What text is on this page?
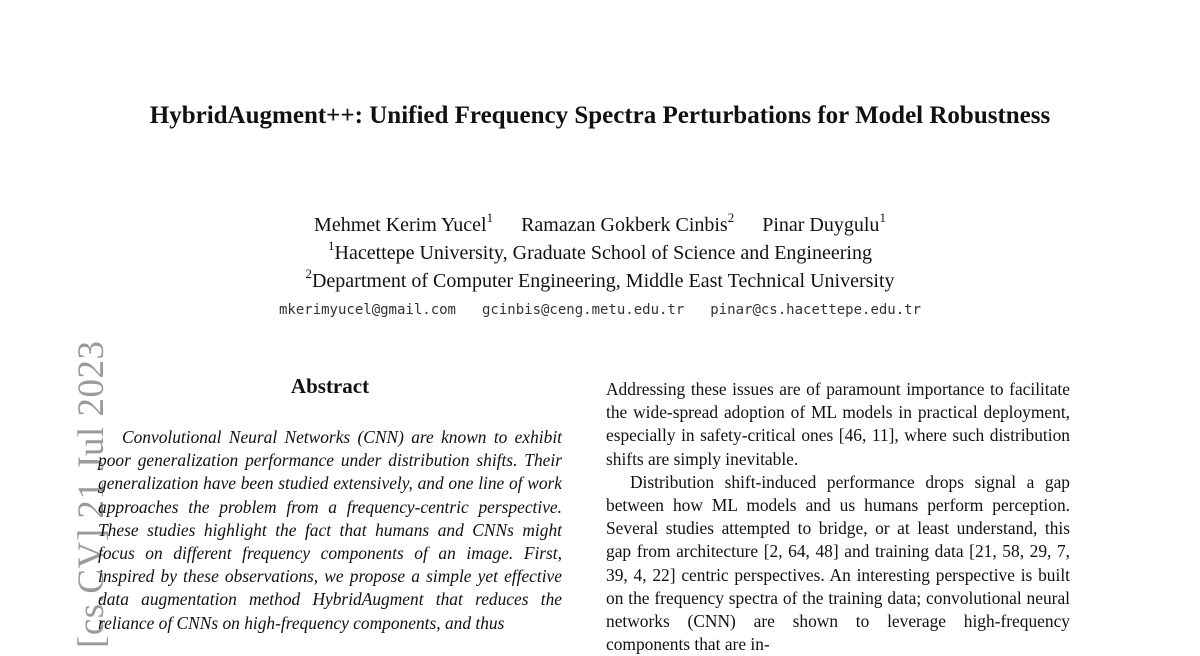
HybridAugment++: Unified Frequency Spectra Perturbations for Model Robustness
Mehmet Kerim Yucel$^1$ Ramazan Gokberk Cinbis$^2$ Pinar Duygulu$^1$
$^1$Hacettepe University, Graduate School of Science and Engineering
$^2$Department of Computer Engineering, Middle East Technical University
mkerimyucel@gmail.com gcinbis@ceng.metu.edu.tr pinar@cs.hacettepe.edu.tr
[cs.CV] 21 Jul 2023	Abstract

Convolutional Neural Networks (CNN) are known to exhibit poor generalization performance under distribution shifts. Their generalization have been studied extensively, and one line of work approaches the problem from a frequency-centric perspective. These studies highlight the fact that humans and CNNs might focus on different frequency components of an image. First, inspired by these observations, we propose a simple yet effective data augmentation method HybridAugment that reduces the reliance of CNNs on high-frequency components, and thus

Addressing these issues are of paramount importance to facilitate the wide-spread adoption of ML models in practical deployment, especially in safety-critical ones [46, 11], where such distribution shifts are simply inevitable.

Distribution shift-induced performance drops signal a gap between how ML models and us humans perform perception. Several studies attempted to bridge, or at least understand, this gap from architecture [2, 64, 48] and training data [21, 58, 29, 7, 39, 4, 22] centric perspectives. An interesting perspective is built on the frequency spectra of the training data; convolutional neural networks (CNN) are shown to leverage high-frequency components that are in-
